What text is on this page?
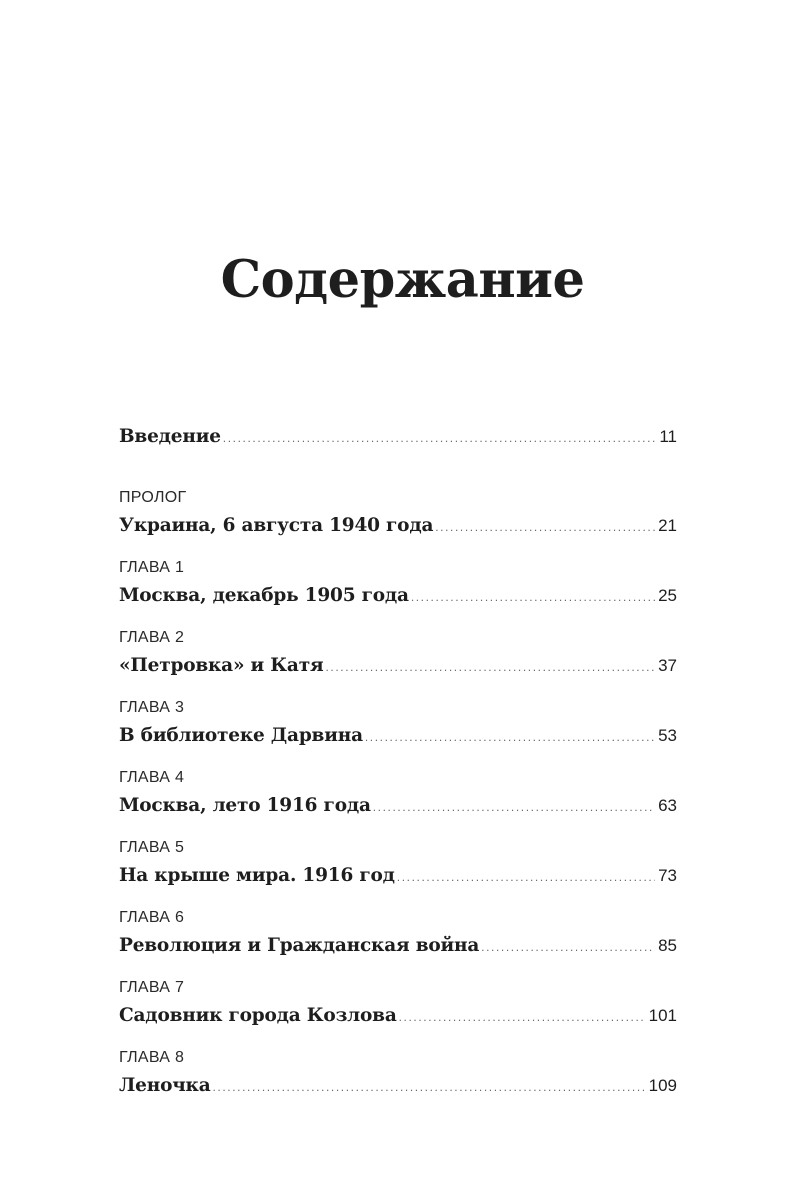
Содержание
Введение .....	11
ПРОЛОГ
Украина, 6 августа 1940 года .....	21
ГЛАВА 1
Москва, декабрь 1905 года .....	25
ГЛАВА 2
«Петровка» и Катя .....	37
ГЛАВА 3
В библиотеке Дарвина .....	53
ГЛАВА 4
Москва, лето 1916 года .....	63
ГЛАВА 5
На крыше мира. 1916 год .....	73
ГЛАВА 6
Революция и Гражданская война .....	85
ГЛАВА 7
Садовник города Козлова .....	101
ГЛАВА 8
Леночка .....	109
